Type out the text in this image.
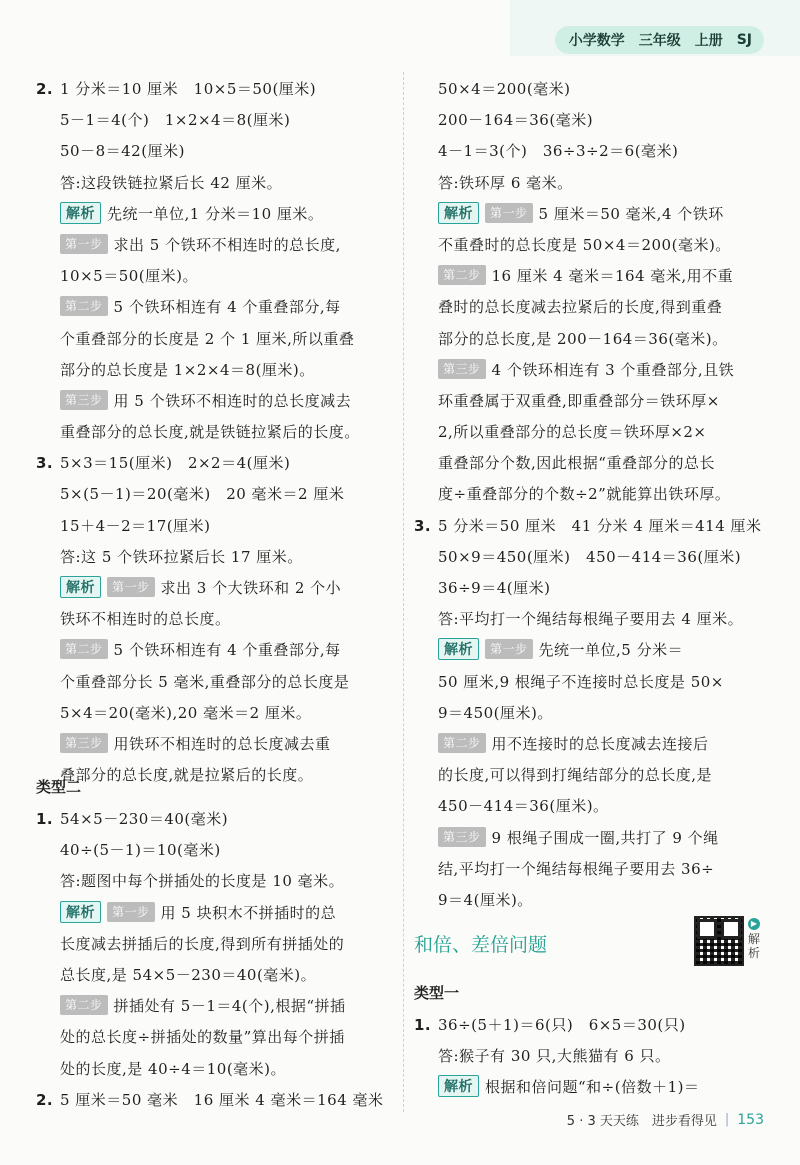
小学数学 三年级 上册 SJ
2. 1 分米＝10 厘米　10×5＝50(厘米)
5－1＝4(个)　1×2×4＝8(厘米)
50－8＝42(厘米)
答:这段铁链拉紧后长 42 厘米。
解析 先统一单位,1 分米＝10 厘米。
第一步 求出 5 个铁环不相连时的总长度,
10×5＝50(厘米)。
第二步 5 个铁环相连有 4 个重叠部分,每
个重叠部分的长度是 2 个 1 厘米,所以重叠
部分的总长度是 1×2×4＝8(厘米)。
第三步 用 5 个铁环不相连时的总长度减去
重叠部分的总长度,就是铁链拉紧后的长度。
3. 5×3＝15(厘米)　2×2＝4(厘米)
5×(5－1)＝20(毫米)　20 毫米＝2 厘米
15＋4－2＝17(厘米)
答:这 5 个铁环拉紧后长 17 厘米。
解析 第一步 求出 3 个大铁环和 2 个小
铁环不相连时的总长度。
第二步 5 个铁环相连有 4 个重叠部分,每
个重叠部分长 5 毫米,重叠部分的总长度是
5×4＝20(毫米),20 毫米＝2 厘米。
第三步 用铁环不相连时的总长度减去重
叠部分的总长度,就是拉紧后的长度。
类型二
1. 54×5－230＝40(毫米)
40÷(5－1)＝10(毫米)
答:题图中每个拼插处的长度是 10 毫米。
解析 第一步 用 5 块积木不拼插时的总
长度减去拼插后的长度,得到所有拼插处的
总长度,是 54×5－230＝40(毫米)。
第二步 拼插处有 5－1＝4(个),根据“拼插
处的总长度÷拼插处的数量”算出每个拼插
处的长度,是 40÷4＝10(毫米)。
2. 5 厘米＝50 毫米　16 厘米 4 毫米＝164 毫米
50×4＝200(毫米)
200－164＝36(毫米)
4－1＝3(个)　36÷3÷2＝6(毫米)
答:铁环厚 6 毫米。
解析 第一步 5 厘米＝50 毫米,4 个铁环
不重叠时的总长度是 50×4＝200(毫米)。
第二步 16 厘米 4 毫米＝164 毫米,用不重
叠时的总长度减去拉紧后的长度,得到重叠
部分的总长度,是 200－164＝36(毫米)。
第三步 4 个铁环相连有 3 个重叠部分,且铁
环重叠属于双重叠,即重叠部分＝铁环厚×
2,所以重叠部分的总长度＝铁环厚×2×
重叠部分个数,因此根据“重叠部分的总长
度÷重叠部分的个数÷2”就能算出铁环厚。
3. 5 分米＝50 厘米　41 分米 4 厘米＝414 厘米
50×9＝450(厘米)　450－414＝36(厘米)
36÷9＝4(厘米)
答:平均打一个绳结每根绳子要用去 4 厘米。
解析 第一步 先统一单位,5 分米＝
50 厘米,9 根绳子不连接时总长度是 50×
9＝450(厘米)。
第二步 用不连接时的总长度减去连接后
的长度,可以得到打绳结部分的总长度,是
450－414＝36(厘米)。
第三步 9 根绳子围成一圈,共打了 9 个绳
结,平均打一个绳结每根绳子要用去 36÷
9＝4(厘米)。
和倍、差倍问题
▶
解析
类型一
1. 36÷(5＋1)＝6(只)　6×5＝30(只)
答:猴子有 30 只,大熊猫有 6 只。
解析 根据和倍问题“和÷(倍数＋1)＝
5 · 3 天天练　进步看得见 | 153
